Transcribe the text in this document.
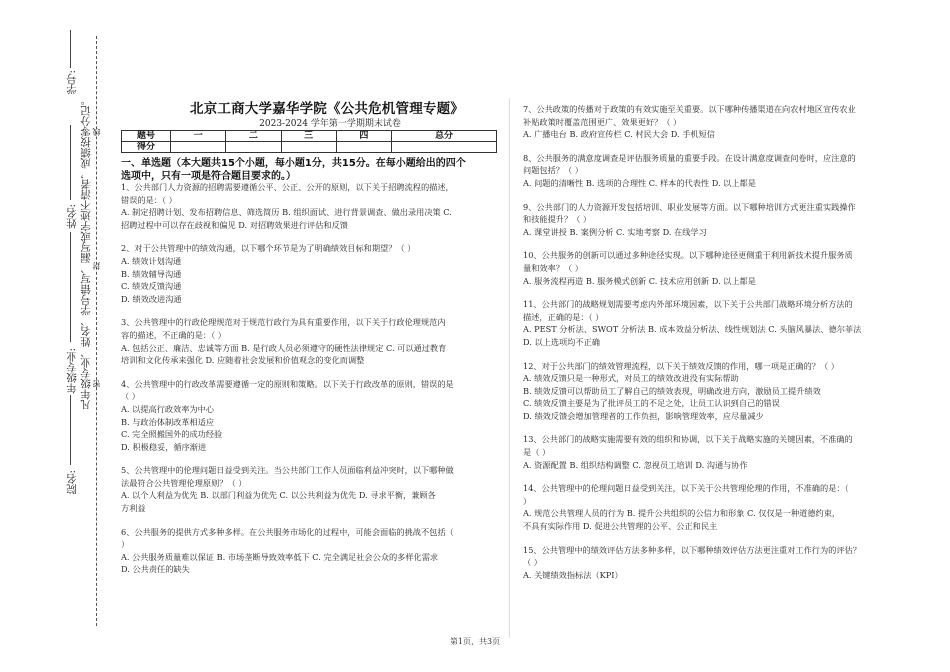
学号:
姓名:
年级专业:
院名:
凡年级专业、姓名、学号错写、漏写或字迹不清者，成绩按零分记。 密
封
线
北京工商大学嘉华学院《公共危机管理专题》
2023-2024 学年第一学期期末试卷
题号	一	二	三	四	总分
得分					
一、单选题（本大题共15个小题，每小题1分，共15分。在每小题给出的四个
选项中，只有一项是符合题目要求的。）
1、公共部门人力资源的招聘需要遵循公平、公正、公开的原则，以下关于招聘流程的描述，
错误的是：（ ）
A. 制定招聘计划、发布招聘信息、筛选简历 B. 组织面试、进行背景调查、做出录用决策 C.
招聘过程中可以存在歧视和偏见 D. 对招聘效果进行评估和反馈
2、对于公共管理中的绩效沟通，以下哪个环节是为了明确绩效目标和期望？（ ）
A. 绩效计划沟通
B. 绩效辅导沟通
C. 绩效反馈沟通
D. 绩效改进沟通
3、公共管理中的行政伦理规范对于规范行政行为具有重要作用，以下关于行政伦理规范内
容的描述，不正确的是：（ ）
A. 包括公正、廉洁、忠诚等方面 B. 是行政人员必须遵守的硬性法律规定 C. 可以通过教育
培训和文化传承来强化 D. 应随着社会发展和价值观念的变化而调整
4、公共管理中的行政改革需要遵循一定的原则和策略。以下关于行政改革的原则，错误的是
（ ）
A. 以提高行政效率为中心
B. 与政治体制改革相适应
C. 完全照搬国外的成功经验
D. 积极稳妥，循序渐进
5、公共管理中的伦理问题日益受到关注。当公共部门工作人员面临利益冲突时，以下哪种做
法最符合公共管理伦理原则？（ ）
A. 以个人利益为优先 B. 以部门利益为优先 C. 以公共利益为优先 D. 寻求平衡，兼顾各
方利益
6、公共服务的提供方式多种多样。在公共服务市场化的过程中，可能会面临的挑战不包括（
）
A. 公共服务质量难以保证 B. 市场垄断导致效率低下 C. 完全满足社会公众的多样化需求
D. 公共责任的缺失
7、公共政策的传播对于政策的有效实施至关重要。以下哪种传播渠道在向农村地区宣传农业
补贴政策时覆盖范围更广、效果更好？（ ）
A. 广播电台 B. 政府宣传栏 C. 村民大会 D. 手机短信
8、公共服务的满意度调查是评估服务质量的重要手段。在设计满意度调查问卷时，应注意的
问题包括？（ ）
A. 问题的清晰性 B. 选项的合理性 C. 样本的代表性 D. 以上都是
9、公共部门的人力资源开发包括培训、职业发展等方面。以下哪种培训方式更注重实践操作
和技能提升？（ ）
A. 课堂讲授 B. 案例分析 C. 实地考察 D. 在线学习
10、公共服务的创新可以通过多种途径实现。以下哪种途径更侧重于利用新技术提升服务质
量和效率？（ ）
A. 服务流程再造 B. 服务模式创新 C. 技术应用创新 D. 以上都是
11、公共部门的战略规划需要考虑内外部环境因素，以下关于公共部门战略环境分析方法的
描述，正确的是：（ ）
A. PEST 分析法、SWOT 分析法 B. 成本效益分析法、线性规划法 C. 头脑风暴法、德尔菲法
D. 以上选项均不正确
12、对于公共部门的绩效管理流程，以下关于绩效反馈的作用，哪一项是正确的？（ ）
A. 绩效反馈只是一种形式，对员工的绩效改进没有实际帮助
B. 绩效反馈可以帮助员工了解自己的绩效表现，明确改进方向，激励员工提升绩效
C. 绩效反馈主要是为了批评员工的不足之处，让员工认识到自己的错误
D. 绩效反馈会增加管理者的工作负担，影响管理效率，应尽量减少
13、公共部门的战略实施需要有效的组织和协调，以下关于战略实施的关键因素，不准确的
是（ ）
A. 资源配置 B. 组织结构调整 C. 忽视员工培训 D. 沟通与协作
14、公共管理中的伦理问题日益受到关注，以下关于公共管理伦理的作用，不准确的是：（
）
A. 规范公共管理人员的行为 B. 提升公共组织的公信力和形象 C. 仅仅是一种道德约束，
不具有实际作用 D. 促进公共管理的公平、公正和民主
15、公共管理中的绩效评估方法多种多样，以下哪种绩效评估方法更注重对工作行为的评估？
（ ）
A. 关键绩效指标法（KPI）
第1页，共3页
